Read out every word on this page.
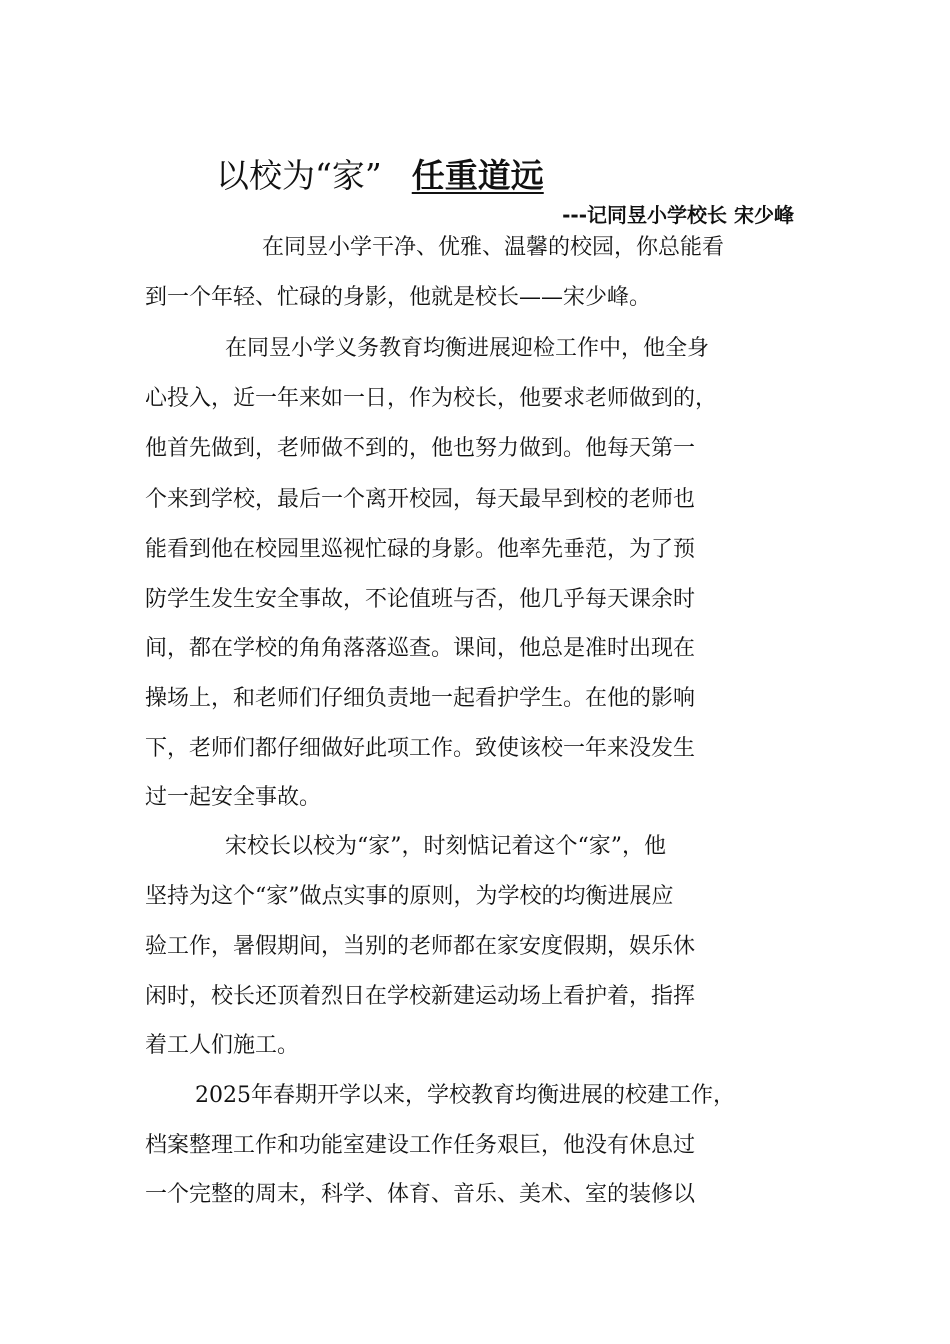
以校为“家” 任重道远
---记同昱小学校长 宋少峰
在同昱小学干净、优雅、温馨的校园，你总能看
到一个年轻、忙碌的身影，他就是校长——宋少峰。
在同昱小学义务教育均衡进展迎检工作中，他全身
心投入，近一年来如一日，作为校长，他要求老师做到的，
他首先做到，老师做不到的，他也努力做到。他每天第一
个来到学校，最后一个离开校园，每天最早到校的老师也
能看到他在校园里巡视忙碌的身影。他率先垂范，为了预
防学生发生安全事故，不论值班与否，他几乎每天课余时
间，都在学校的角角落落巡查。课间，他总是准时出现在
操场上，和老师们仔细负责地一起看护学生。在他的影响
下，老师们都仔细做好此项工作。致使该校一年来没发生
过一起安全事故。
宋校长以校为“家”，时刻惦记着这个“家”，他
坚持为这个“家”做点实事的原则，为学校的均衡进展应
验工作，暑假期间，当别的老师都在家安度假期，娱乐休
闲时，校长还顶着烈日在学校新建运动场上看护着，指挥
着工人们施工。
2025年春期开学以来，学校教育均衡进展的校建工作，
档案整理工作和功能室建设工作任务艰巨，他没有休息过
一个完整的周末，科学、体育、音乐、美术、室的装修以
